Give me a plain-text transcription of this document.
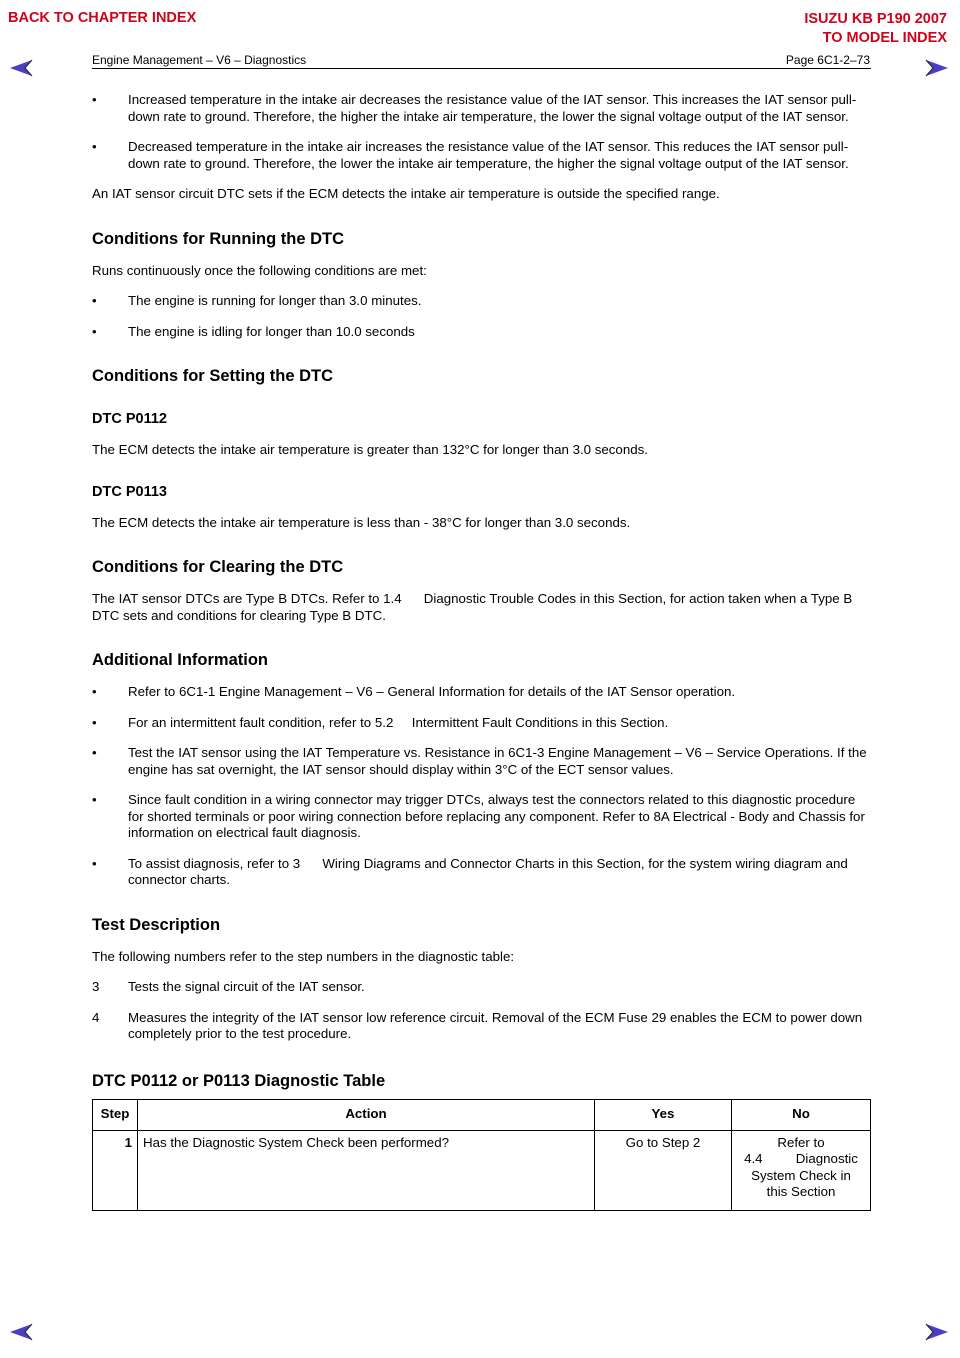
BACK TO CHAPTER INDEX	ISUZU KB P190 2007
TO MODEL INDEX
Engine Management – V6 – Diagnostics	Page 6C1-2–73
• Increased temperature in the intake air decreases the resistance value of the IAT sensor. This increases the IAT sensor pull-down rate to ground. Therefore, the higher the intake air temperature, the lower the signal voltage output of the IAT sensor.
• Decreased temperature in the intake air increases the resistance value of the IAT sensor. This reduces the IAT sensor pull-down rate to ground. Therefore, the lower the intake air temperature, the higher the signal voltage output of the IAT sensor.

An IAT sensor circuit DTC sets if the ECM detects the intake air temperature is outside the specified range.

Conditions for Running the DTC

Runs continuously once the following conditions are met:

• The engine is running for longer than 3.0 minutes.
• The engine is idling for longer than 10.0 seconds
Conditions for Setting the DTC
DTC P0112

The ECM detects the intake air temperature is greater than 132°C for longer than 3.0 seconds.

DTC P0113

The ECM detects the intake air temperature is less than - 38°C for longer than 3.0 seconds.

Conditions for Clearing the DTC

The IAT sensor DTCs are Type B DTCs. Refer to 1.4      Diagnostic Trouble Codes in this Section, for action taken when a Type B DTC sets and conditions for clearing Type B DTC.

Additional Information
• Refer to 6C1-1 Engine Management – V6 – General Information for details of the IAT Sensor operation.
• For an intermittent fault condition, refer to 5.2     Intermittent Fault Conditions in this Section.
• Test the IAT sensor using the IAT Temperature vs. Resistance in 6C1-3 Engine Management – V6 – Service Operations. If the engine has sat overnight, the IAT sensor should display within 3°C of the ECT sensor values.
• Since fault condition in a wiring connector may trigger DTCs, always test the connectors related to this diagnostic procedure for shorted terminals or poor wiring connection before replacing any component. Refer to 8A Electrical - Body and Chassis for information on electrical fault diagnosis.
• To assist diagnosis, refer to 3      Wiring Diagrams and Connector Charts in this Section, for the system wiring diagram and connector charts.
Test Description

The following numbers refer to the step numbers in the diagnostic table:

3 Tests the signal circuit of the IAT sensor.
4 Measures the integrity of the IAT sensor low reference circuit. Removal of the ECM Fuse 29 enables the ECM to power down completely prior to the test procedure.
DTC P0112 or P0113 Diagnostic Table
Step	Action	Yes	No
1	Has the Diagnostic System Check been performed?	Go to Step 2	Refer to
4.4         Diagnostic
System Check in
this Section
